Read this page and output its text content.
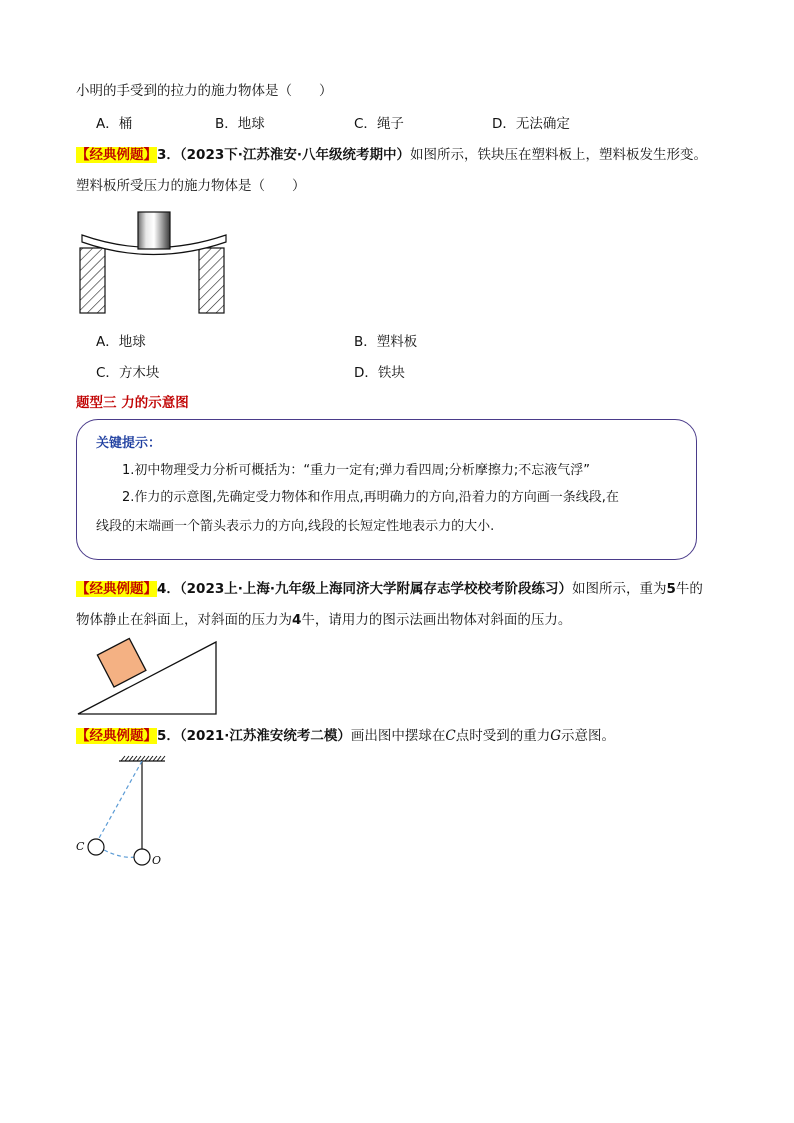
小明的手受到的拉力的施力物体是（　　）
A．桶	B．地球	C．绳子	D．无法确定
【经典例题】3．（2023下·江苏淮安·八年级统考期中）如图所示，铁块压在塑料板上，塑料板发生形变。
塑料板所受压力的施力物体是（　　）
A．地球	B．塑料板
C．方木块	D．铁块
题型三 力的示意图
关键提示：
1.初中物理受力分析可概括为：“重力一定有;弹力看四周;分析摩擦力;不忘液气浮”
2.作力的示意图,先确定受力物体和作用点,再明确力的方向,沿着力的方向画一条线段,在
线段的末端画一个箭头表示力的方向,线段的长短定性地表示力的大小.
【经典例题】4．（2023上·上海·九年级上海同济大学附属存志学校校考阶段练习）如图所示，重为5牛的
物体静止在斜面上，对斜面的压力为4牛，请用力的图示法画出物体对斜面的压力。
【经典例题】5．（2021·江苏淮安统考二模）画出图中摆球在C点时受到的重力G示意图。
C
O
